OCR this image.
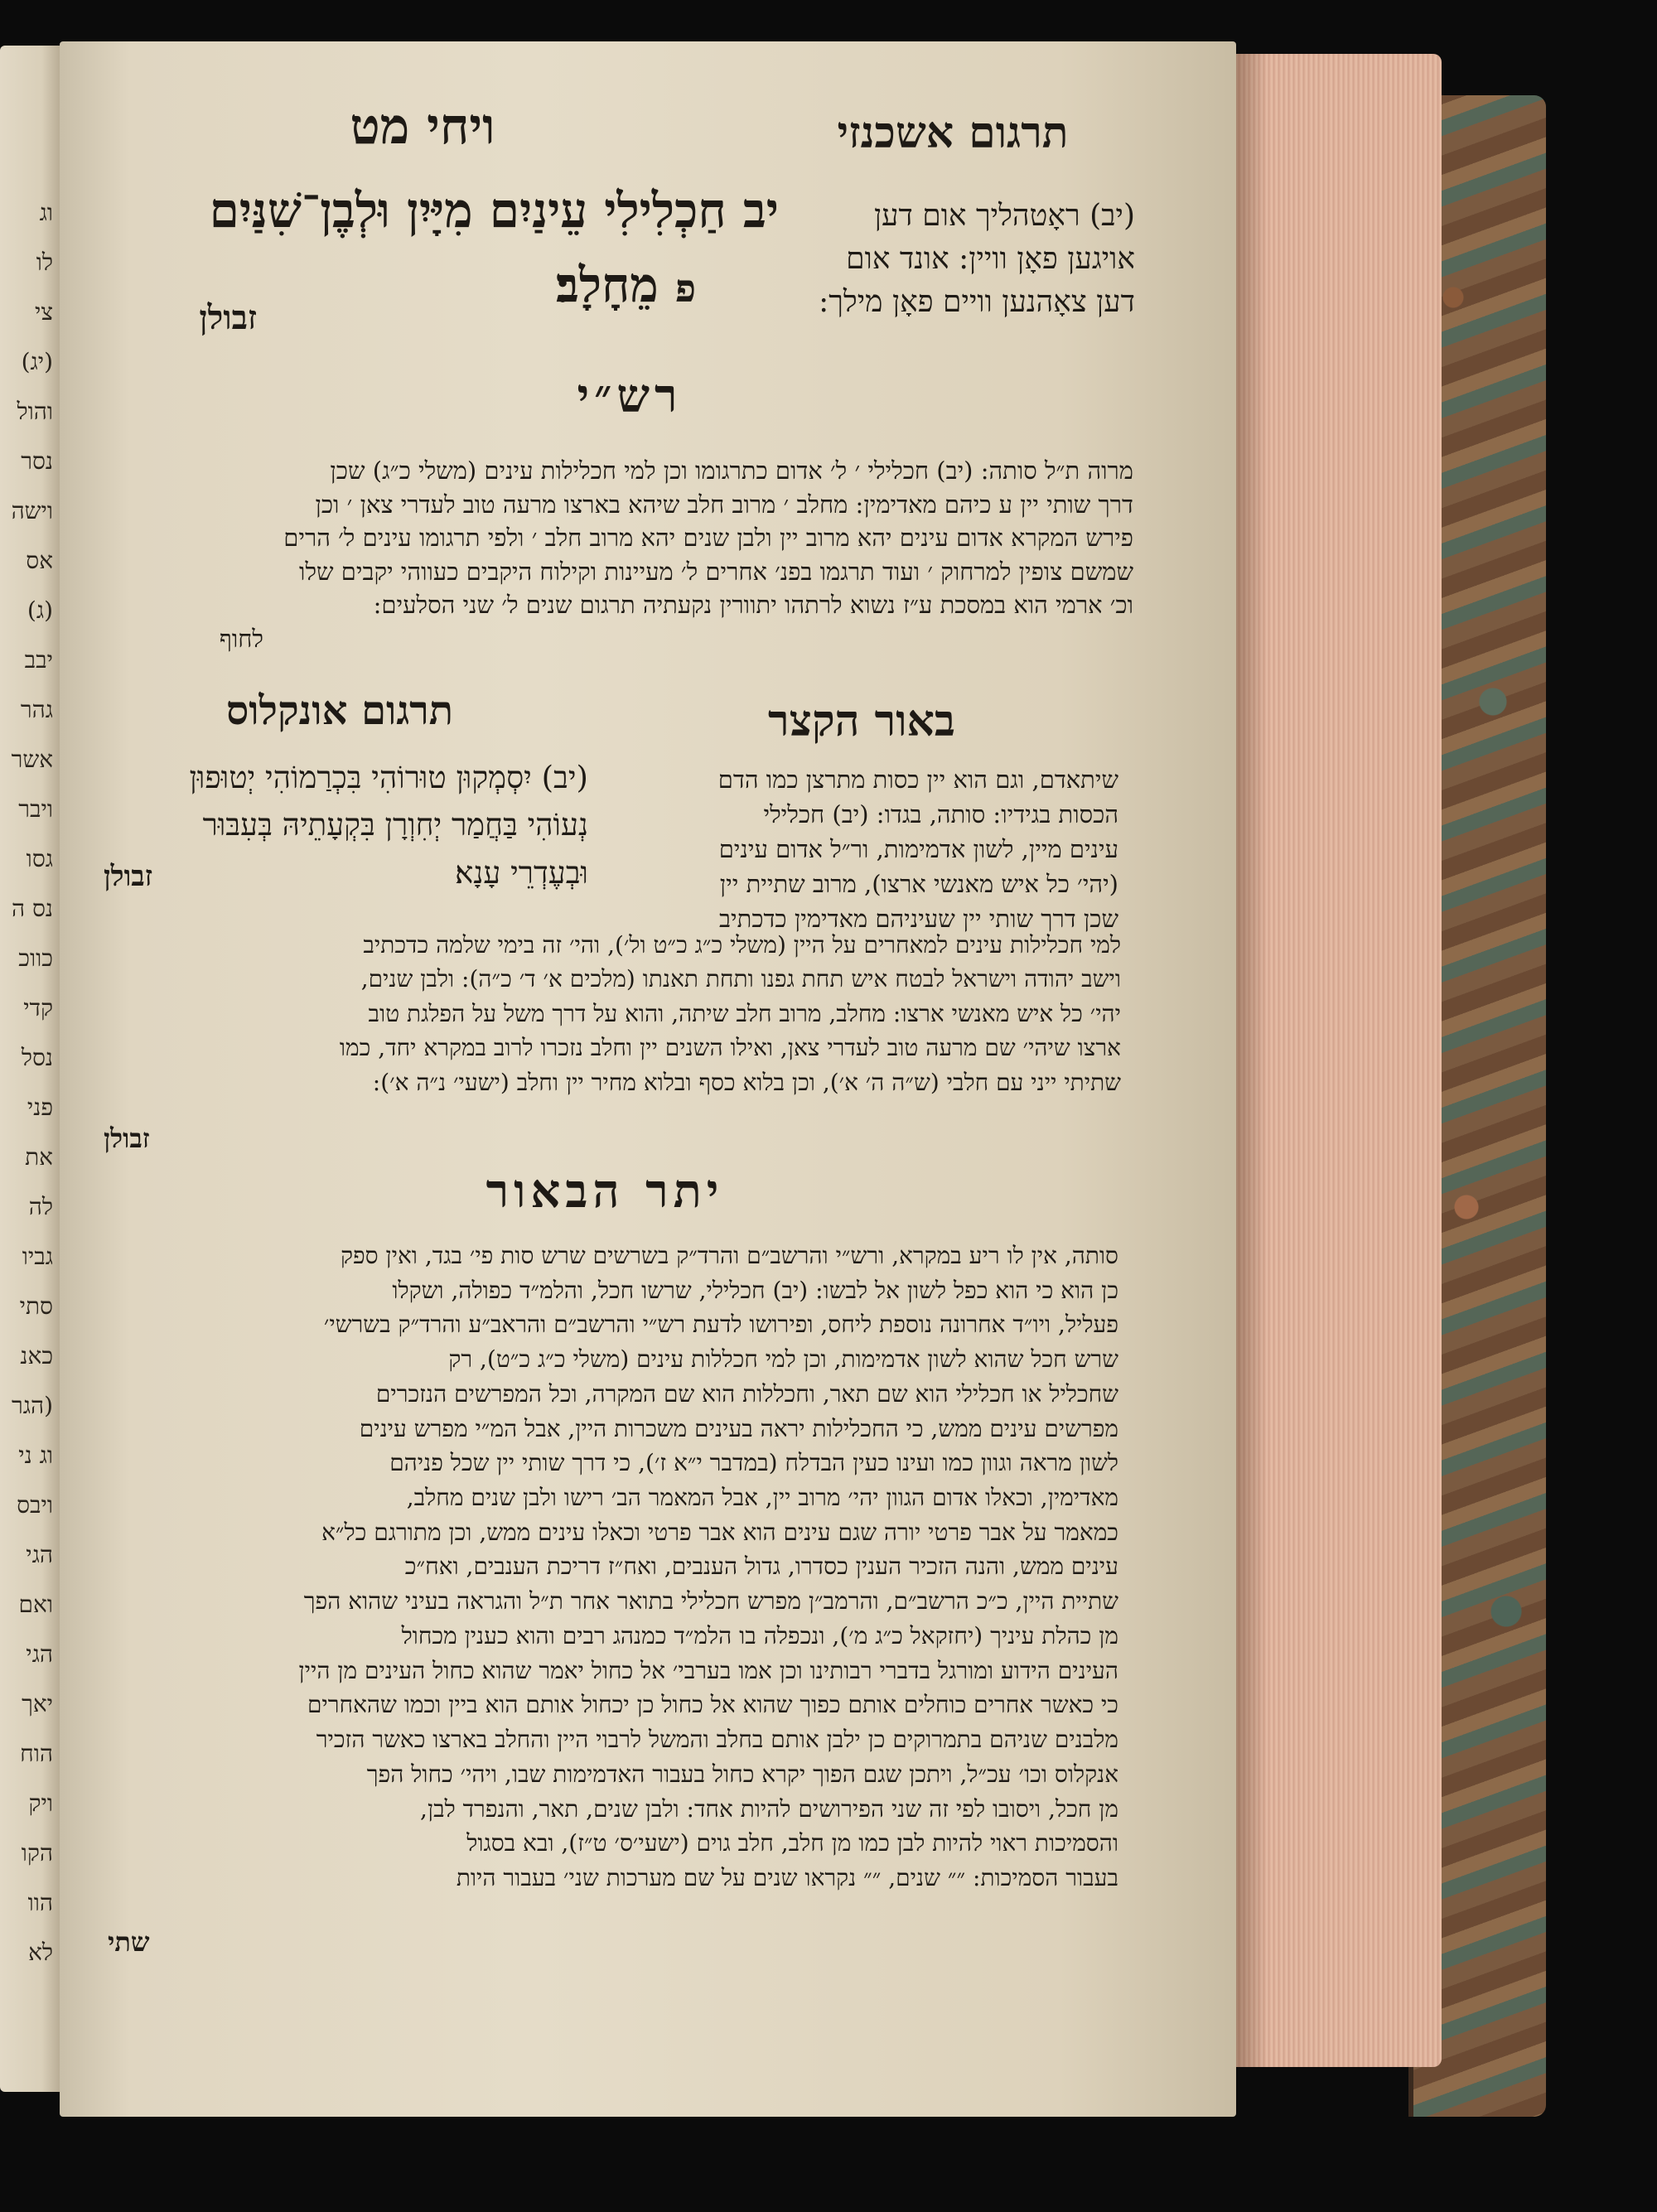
ויחי מט	תרגום אשכנזי
יב חַכְלִילִי עֵינַיִם מִיָּיִן וּלְבֶן־שִׁנַּיִם
פ מֵחָלָב׃
זבולן
(יב) ראָטהליך אום דען
אויגען פאָן וויין: אונד אום
דען צאָהנען וויים פאָן מילך:
רש״י
מרוה ת״ל סותה: (יב) חכלילי ׳ ל׳ אדום כתרגומו וכן למי חכלילות עינים (משלי כ״ג) שכן
דרך שותי יין ע כיהם מאדימין: מחלב ׳ מרוב חלב שיהא בארצו מרעה טוב לעדרי צאן ׳ וכן
פירש המקרא אדום עינים יהא מרוב יין ולבן שנים יהא מרוב חלב ׳ ולפי תרגומו עינים ל׳ הרים
שמשם צופין למרחוק ׳ ועוד תרגמו בפנ׳ אחרים ל׳ מעיינות וקילוח היקבים כעווהי יקבים שלו
וכ׳ ארמי הוא במסכת ע״ז נשוא לרתהו יתוורין נקעתיה תרגום שנים ל׳ שני הסלעים:
לחוף
באור הקצר
שיתאדם, וגם הוא יין כסות מתרצן כמו הדם
הכסות בגידיו: סותה, בגדו: (יב) חכלילי
עינים מיין, לשון אדמימות, ור״ל אדום עינים
(יהי׳ כל איש מאנשי ארצו), מרוב שתיית יין
שכן דרך שותי יין שעיניהם מאדימין כדכתיב
תרגום אונקלוס
(יב) יִסְמְקוּן טוּרוֹהִי בִּכְרַמוֹהִי יְטוּפוּן
נְעוֹהִי בַּחֲמַר יְחִוְרָן בִּקְעָתֵיהּ בְּעִבּוּר
וּבְעֶדְרֵי עָנָא׃
זבולן
למי חכלילות עינים למאחרים על היין (משלי כ״ג כ״ט ול׳), והי׳ זה בימי שלמה כדכתיב
וישב יהודה וישראל לבטח איש תחת גפנו ותחת תאנתו (מלכים א׳ ד׳ כ״ה): ולבן שנים,
יהי׳ כל איש מאנשי ארצו: מחלב, מרוב חלב שיתה, והוא על דרך משל על הפלגת טוב
ארצו שיהי׳ שם מרעה טוב לעדרי צאן, ואילו השנים יין וחלב נזכרו לרוב במקרא יחד, כמו
שתיתי ייני עם חלבי (ש״ה ה׳ א׳), וכן בלוא כסף ובלוא מחיר יין וחלב (ישעי׳ נ״ה א׳):
זבולן
יתר הבאור
סותה, אין לו ריע במקרא, ורש״י והרשב״ם והרד״ק בשרשים שרש סות פי׳ בגד, ואין ספק
כן הוא כי הוא כפל לשון אל לבשו: (יב) חכלילי, שרשו חכל, והלמ״ד כפולה, ושקלו
פעליל, ויו״ד אחרונה נוספת ליחס, ופירושו לדעת רש״י והרשב״ם והראב״ע והרד״ק בשרשי׳
שרש חכל שהוא לשון אדמימות, וכן למי חכללות עינים (משלי כ״ג כ״ט), רק
שחכליל או חכלילי הוא שם תאר, וחכללות הוא שם המקרה, וכל המפרשים הנזכרים
מפרשים עינים ממש, כי החכלילות יראה בעינים משכרות היין, אבל המ״י מפרש עינים
לשון מראה וגוון כמו ועינו כעין הבדלח (במדבר י״א ז׳), כי דרך שותי יין שכל פניהם
מאדימין, וכאלו אדום הגוון יהי׳ מרוב יין, אבל המאמר הב׳ רישו ולבן שנים מחלב,
כמאמר על אבר פרטי יורה שגם עינים הוא אבר פרטי וכאלו עינים ממש, וכן מתורגם כל״א
עינים ממש, והנה הזכיר הענין כסדרו, גדול הענבים, ואח״ז דריכת הענבים, ואח״כ
שתיית היין, כ״כ הרשב״ם, והרמב״ן מפרש חכלילי בתואר אחר ת״ל והגראה בעיני שהוא הפך
מן כהלת עיניך (יחזקאל כ״ג מ׳), ונכפלה בו הלמ״ד כמנהג רבים והוא כענין מכחול
העינים הידוע ומורגל בדברי רבותינו וכן אמו בערבי׳ אל כחול יאמר שהוא כחול העינים מן היין
כי כאשר אחרים כוחלים אותם כפוך שהוא אל כחול כן יכחול אותם הוא ביין וכמו שהאחרים
מלבנים שניהם בתמרוקים כן ילבן אותם בחלב והמשל לרבוי היין והחלב בארצו כאשר הזכיר
אנקלוס וכו׳ עכ״ל, ויתכן שגם הפוך יקרא כחול בעבור האדמימות שבו, ויהי׳ כחול הפך
מן חכל, ויסובו לפי זה שני הפירושים להיות אחד: ולבן שנים, תאר, והנפרד לבן,
והסמיכות ראוי להיות לבן כמו מן חלב, חלב גוים (ישעי׳ס׳ ט״ז), ובא בסגול
בעבור הסמיכות: ״״ שנים, ״״ נקראו שנים על שם מערכות שני׳ בעבור היות
שתי
וג
לו
צי
(יג)
והול
נסר
וישה
אס
(ג)
יבב
גהר
אשר
ויבר
גסו
נס ה
כווכ
קדי
נסל
פני
את
לה
גביו
סתי
כאנ
(הגר
וג ני
ויבס
הגי
ואם
הגי
יאך
הוח
ויק
הקו
הוו
לא
